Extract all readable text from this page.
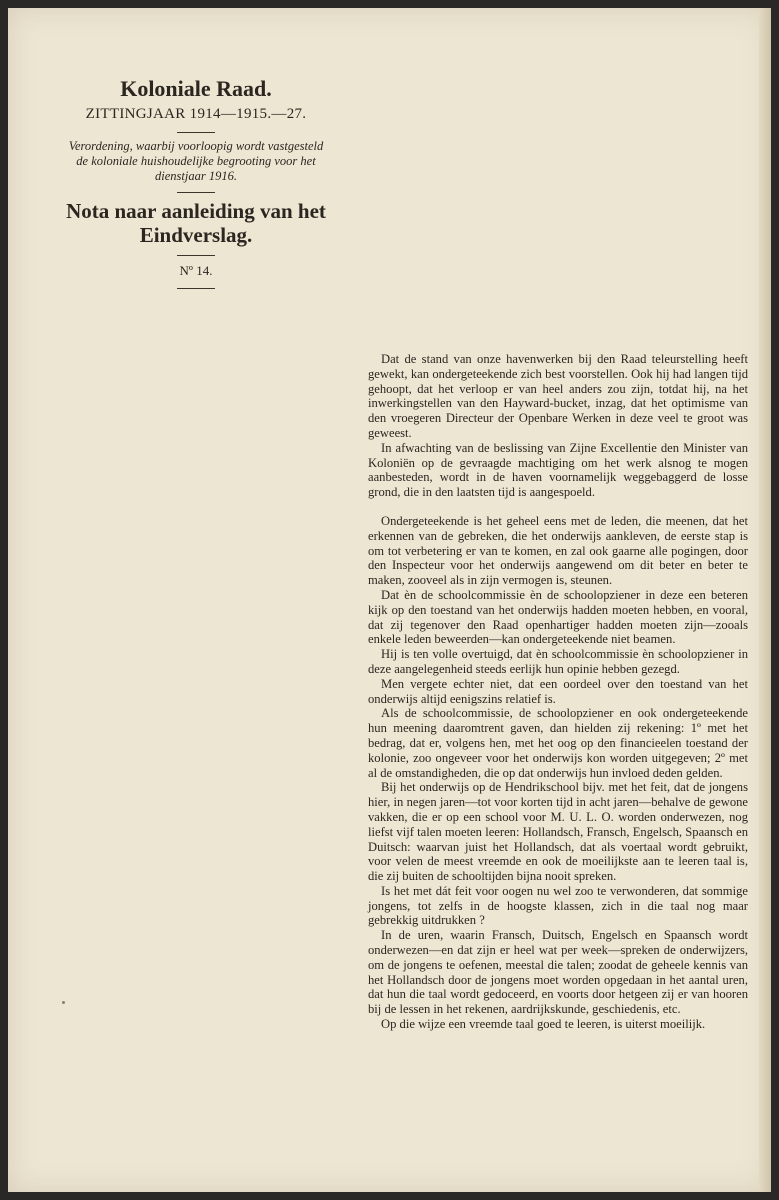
Koloniale Raad.

ZITTINGJAAR 1914—1915.—27.

Verordening, waarbij voorloopig wordt vastgesteld de koloniale huishoudelijke begrooting voor het dienstjaar 1916.

Nota naar aanleiding van het Eindverslag.

Nº 14.

Dat de stand van onze havenwerken bij den Raad teleurstelling heeft gewekt, kan ondergeteekende zich best voorstellen. Ook hij had langen tijd gehoopt, dat het verloop er van heel anders zou zijn, totdat hij, na het inwerkingstellen van den Hayward-bucket, inzag, dat het optimisme van den vroegeren Directeur der Openbare Werken in deze veel te groot was geweest.

In afwachting van de beslissing van Zijne Excellentie den Minister van Koloniën op de gevraagde machtiging om het werk alsnog te mogen aanbesteden, wordt in de haven voornamelijk weggebaggerd de losse grond, die in den laatsten tijd is aangespoeld.

Ondergeteekende is het geheel eens met de leden, die meenen, dat het erkennen van de gebreken, die het onderwijs aankleven, de eerste stap is om tot verbetering er van te komen, en zal ook gaarne alle pogingen, door den Inspecteur voor het onderwijs aangewend om dit beter en beter te maken, zooveel als in zijn vermogen is, steunen.

Dat èn de schoolcommissie èn de schoolopziener in deze een beteren kijk op den toestand van het onderwijs hadden moeten hebben, en vooral, dat zij tegenover den Raad openhartiger hadden moeten zijn—zooals enkele leden beweerden—kan ondergeteekende niet beamen.

Hij is ten volle overtuigd, dat èn schoolcommissie èn schoolopziener in deze aangelegenheid steeds eerlijk hun opinie hebben gezegd.

Men vergete echter niet, dat een oordeel over den toestand van het onderwijs altijd eenigszins relatief is.

Als de schoolcommissie, de schoolopziener en ook ondergeteekende hun meening daaromtrent gaven, dan hielden zij rekening: 1º met het bedrag, dat er, volgens hen, met het oog op den financieelen toestand der kolonie, zoo ongeveer voor het onderwijs kon worden uitgegeven; 2º met al de omstandigheden, die op dat onderwijs hun invloed deden gelden.

Bij het onderwijs op de Hendrikschool bijv. met het feit, dat de jongens hier, in negen jaren—tot voor korten tijd in acht jaren—behalve de gewone vakken, die er op een school voor M. U. L. O. worden onderwezen, nog liefst vijf talen moeten leeren: Hollandsch, Fransch, Engelsch, Spaansch en Duitsch: waarvan juist het Hollandsch, dat als voertaal wordt gebruikt, voor velen de meest vreemde en ook de moeilijkste aan te leeren taal is, die zij buiten de schooltijden bijna nooit spreken.

Is het met dát feit voor oogen nu wel zoo te verwonderen, dat sommige jongens, tot zelfs in de hoogste klassen, zich in die taal nog maar gebrekkig uitdrukken ?

In de uren, waarin Fransch, Duitsch, Engelsch en Spaansch wordt onderwezen—en dat zijn er heel wat per week—spreken de onderwijzers, om de jongens te oefenen, meestal die talen; zoodat de geheele kennis van het Hollandsch door de jongens moet worden opgedaan in het aantal uren, dat hun die taal wordt gedoceerd, en voorts door hetgeen zij er van hooren bij de lessen in het rekenen, aardrijkskunde, geschiedenis, etc.

Op die wijze een vreemde taal goed te leeren, is uiterst moeilijk.
